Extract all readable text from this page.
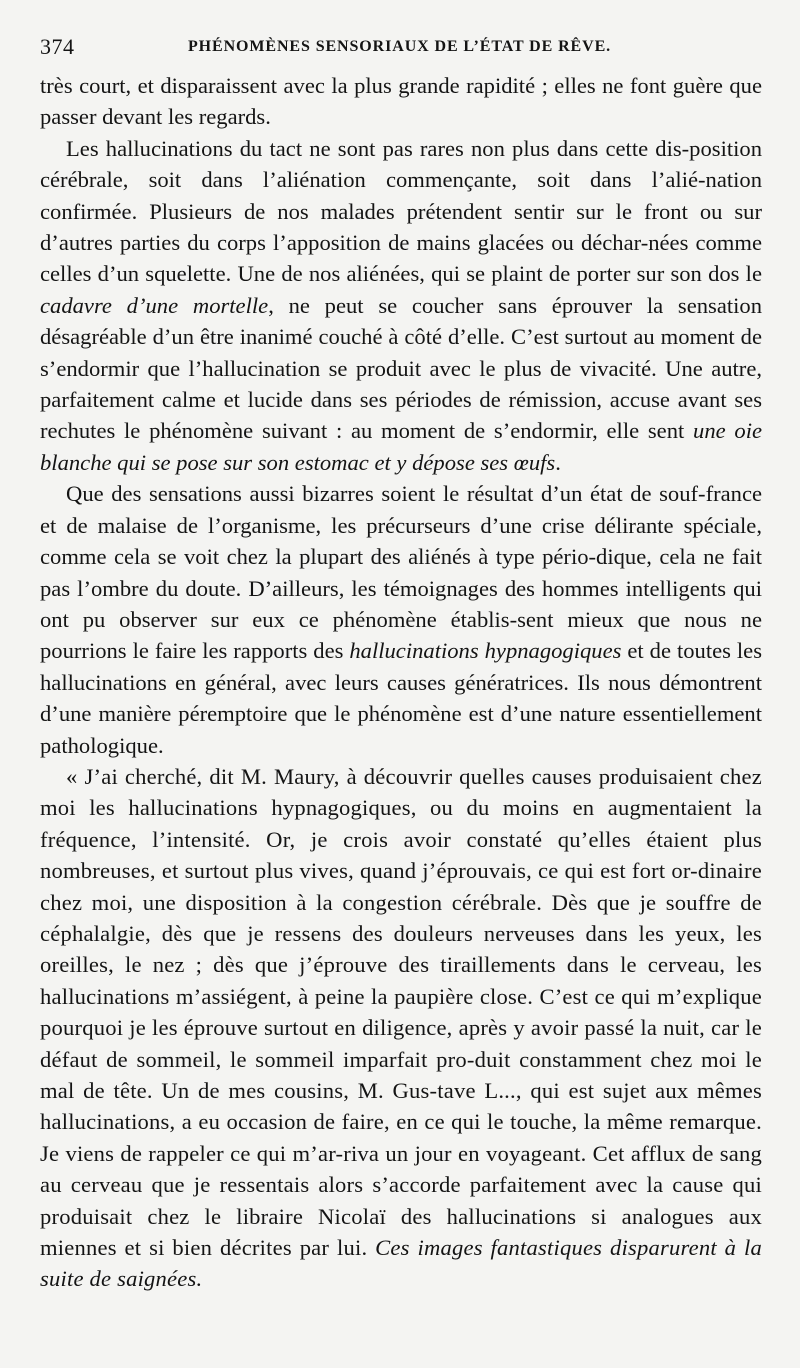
374	PHÉNOMÈNES SENSORIAUX DE L’ÉTAT DE RÊVE.

très court, et disparaissent avec la plus grande rapidité ; elles ne font guère que passer devant les regards.

Les hallucinations du tact ne sont pas rares non plus dans cette dis-position cérébrale, soit dans l’aliénation commençante, soit dans l’alié-nation confirmée. Plusieurs de nos malades prétendent sentir sur le front ou sur d’autres parties du corps l’apposition de mains glacées ou déchar-nées comme celles d’un squelette. Une de nos aliénées, qui se plaint de porter sur son dos le cadavre d’une mortelle, ne peut se coucher sans éprouver la sensation désagréable d’un être inanimé couché à côté d’elle. C’est surtout au moment de s’endormir que l’hallucination se produit avec le plus de vivacité. Une autre, parfaitement calme et lucide dans ses périodes de rémission, accuse avant ses rechutes le phénomène suivant : au moment de s’endormir, elle sent une oie blanche qui se pose sur son estomac et y dépose ses œufs.

Que des sensations aussi bizarres soient le résultat d’un état de souf-france et de malaise de l’organisme, les précurseurs d’une crise délirante spéciale, comme cela se voit chez la plupart des aliénés à type pério-dique, cela ne fait pas l’ombre du doute. D’ailleurs, les témoignages des hommes intelligents qui ont pu observer sur eux ce phénomène établis-sent mieux que nous ne pourrions le faire les rapports des hallucinations hypnagogiques et de toutes les hallucinations en général, avec leurs causes génératrices. Ils nous démontrent d’une manière péremptoire que le phénomène est d’une nature essentiellement pathologique.

« J’ai cherché, dit M. Maury, à découvrir quelles causes produisaient chez moi les hallucinations hypnagogiques, ou du moins en augmentaient la fréquence, l’intensité. Or, je crois avoir constaté qu’elles étaient plus nombreuses, et surtout plus vives, quand j’éprouvais, ce qui est fort or-dinaire chez moi, une disposition à la congestion cérébrale. Dès que je souffre de céphalalgie, dès que je ressens des douleurs nerveuses dans les yeux, les oreilles, le nez ; dès que j’éprouve des tiraillements dans le cerveau, les hallucinations m’assiégent, à peine la paupière close. C’est ce qui m’explique pourquoi je les éprouve surtout en diligence, après y avoir passé la nuit, car le défaut de sommeil, le sommeil imparfait pro-duit constamment chez moi le mal de tête. Un de mes cousins, M. Gus-tave L..., qui est sujet aux mêmes hallucinations, a eu occasion de faire, en ce qui le touche, la même remarque. Je viens de rappeler ce qui m’ar-riva un jour en voyageant. Cet afflux de sang au cerveau que je ressentais alors s’accorde parfaitement avec la cause qui produisait chez le libraire Nicolaï des hallucinations si analogues aux miennes et si bien décrites par lui. Ces images fantastiques disparurent à la suite de saignées.
